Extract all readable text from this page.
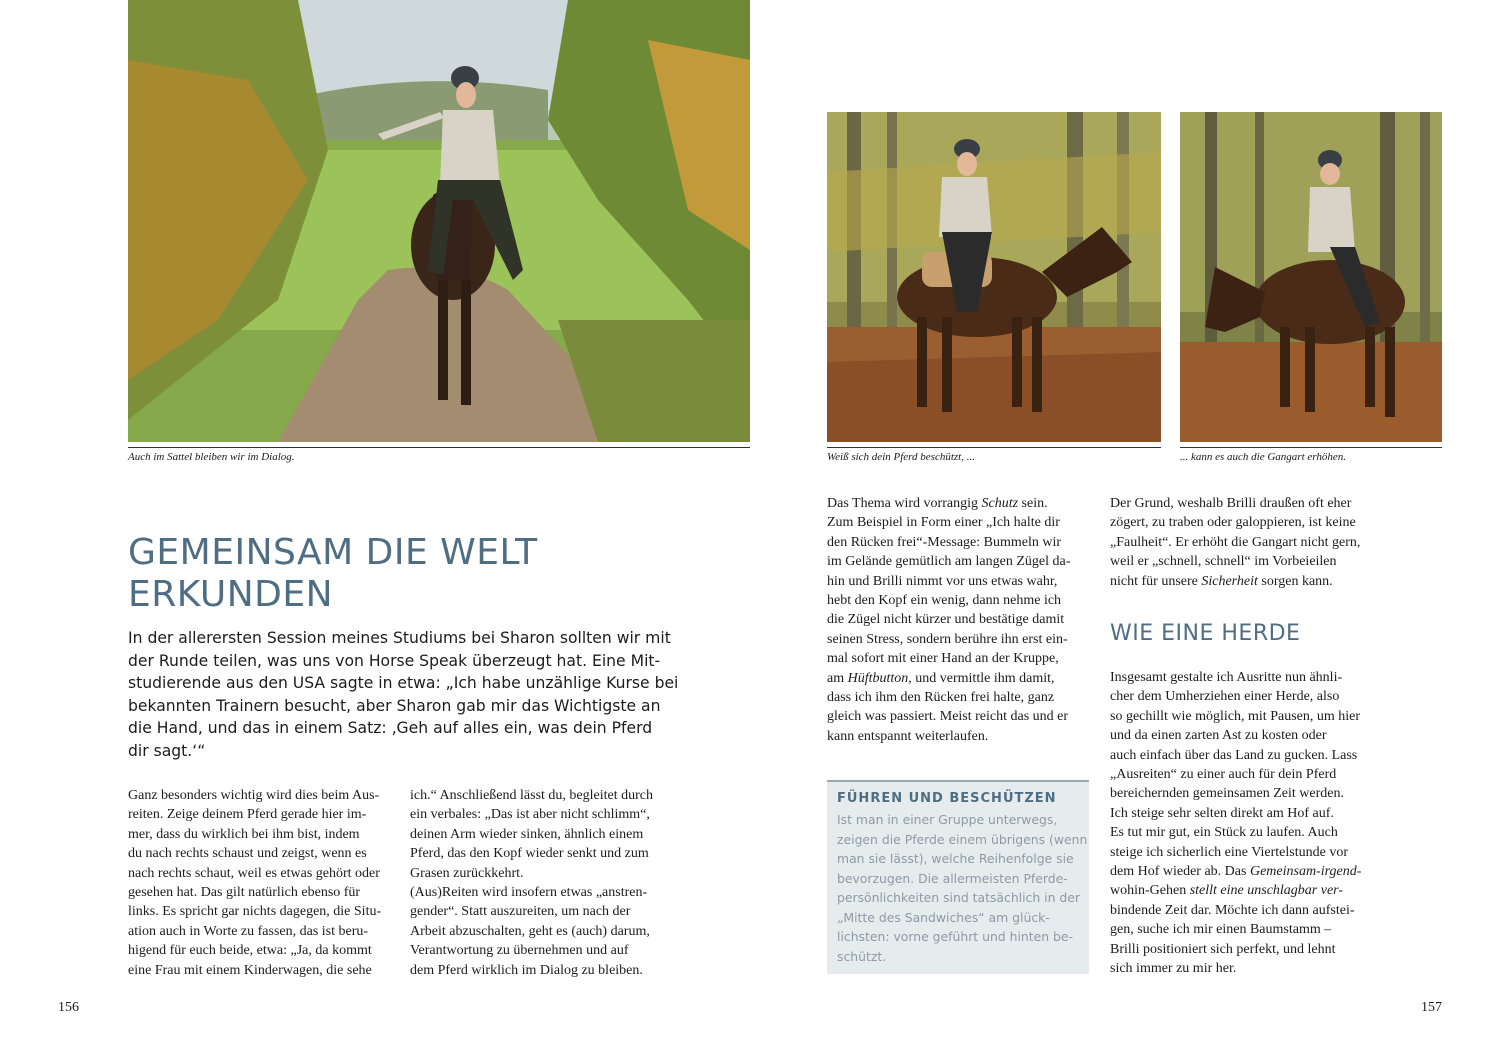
Auch im Sattel bleiben wir im Dialog.
GEMEINSAM DIE WELT
ERKUNDEN
In der allerersten Session meines Studiums bei Sharon sollten wir mit
der Runde teilen, was uns von Horse Speak überzeugt hat. Eine Mit-
studierende aus den USA sagte in etwa: „Ich habe unzählige Kurse bei
bekannten Trainern besucht, aber Sharon gab mir das Wichtigste an
die Hand, und das in einem Satz: ‚Geh auf alles ein, was dein Pferd
dir sagt.‘“
Ganz besonders wichtig wird dies beim Aus-
reiten. Zeige deinem Pferd gerade hier im-
mer, dass du wirklich bei ihm bist, indem
du nach rechts schaust und zeigst, wenn es
nach rechts schaut, weil es etwas gehört oder
gesehen hat. Das gilt natürlich ebenso für
links. Es spricht gar nichts dagegen, die Situ-
ation auch in Worte zu fassen, das ist beru-
higend für euch beide, etwa: „Ja, da kommt
eine Frau mit einem Kinderwagen, die sehe
ich.“ Anschließend lässt du, begleitet durch
ein verbales: „Das ist aber nicht schlimm“,
deinen Arm wieder sinken, ähnlich einem
Pferd, das den Kopf wieder senkt und zum
Grasen zurückkehrt.
(Aus)Reiten wird insofern etwas „anstren-
gender“. Statt auszureiten, um nach der
Arbeit abzuschalten, geht es (auch) darum,
Verantwortung zu übernehmen und auf
dem Pferd wirklich im Dialog zu bleiben.
156
Weiß sich dein Pferd beschützt, ...	... kann es auch die Gangart erhöhen.
Das Thema wird vorrangig Schutz sein.
Zum Beispiel in Form einer „Ich halte dir
den Rücken frei“-Message: Bummeln wir
im Gelände gemütlich am langen Zügel da-
hin und Brilli nimmt vor uns etwas wahr,
hebt den Kopf ein wenig, dann nehme ich
die Zügel nicht kürzer und bestätige damit
seinen Stress, sondern berühre ihn erst ein-
mal sofort mit einer Hand an der Kruppe,
am Hüftbutton, und vermittle ihm damit,
dass ich ihm den Rücken frei halte, ganz
gleich was passiert. Meist reicht das und er
kann entspannt weiterlaufen.
FÜHREN UND BESCHÜTZEN
Ist man in einer Gruppe unterwegs,
zeigen die Pferde einem übrigens (wenn
man sie lässt), welche Reihenfolge sie
bevorzugen. Die allermeisten Pferde-
persönlichkeiten sind tatsächlich in der
„Mitte des Sandwiches“ am glück-
lichsten: vorne geführt und hinten be-
schützt.
Der Grund, weshalb Brilli draußen oft eher
zögert, zu traben oder galoppieren, ist keine
„Faulheit“. Er erhöht die Gangart nicht gern,
weil er „schnell, schnell“ im Vorbeieilen
nicht für unsere Sicherheit sorgen kann.
WIE EINE HERDE
Insgesamt gestalte ich Ausritte nun ähnli-
cher dem Umherziehen einer Herde, also
so gechillt wie möglich, mit Pausen, um hier
und da einen zarten Ast zu kosten oder
auch einfach über das Land zu gucken. Lass
„Ausreiten“ zu einer auch für dein Pferd
bereichernden gemeinsamen Zeit werden.
Ich steige sehr selten direkt am Hof auf.
Es tut mir gut, ein Stück zu laufen. Auch
steige ich sicherlich eine Viertelstunde vor
dem Hof wieder ab. Das Gemeinsam-irgend-
wohin-Gehen stellt eine unschlagbar ver-
bindende Zeit dar. Möchte ich dann aufstei-
gen, suche ich mir einen Baumstamm –
Brilli positioniert sich perfekt, und lehnt
sich immer zu mir her.
157
